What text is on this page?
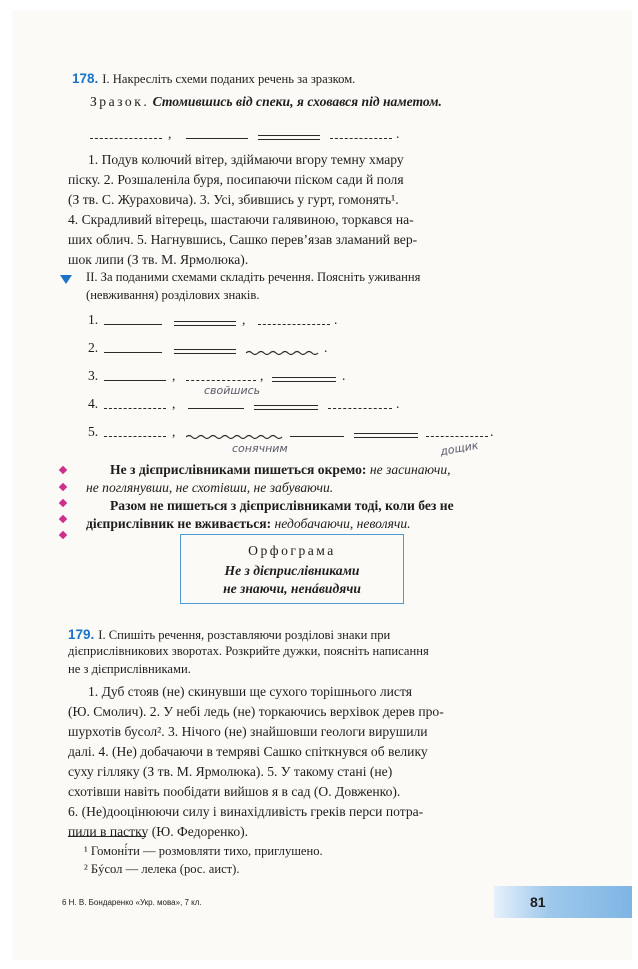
178. І. Накресліть схеми поданих речень за зразком.
Зразок. Стомившись від спеки, я сховався під наметом.
,	.
1. Подув колючий вітер, здіймаючи вгору темну хмару
піску. 2. Розшаленіла буря, посипаючи піском сади й поля
(З тв. С. Жураховича). 3. Усі, збившись у гурт, гомонять¹.
4. Скрадливий вітерець, шастаючи галявиною, торкався на-
ших облич. 5. Нагнувшись, Сашко перев’язав зламаний вер-
шок липи (З тв. М. Ярмолюка).
ІІ. За поданими схемами складіть речення. Поясніть уживання
(невживання) розділових знаків.
1.	,	.
2.	.
3.	,	,	.
свойшись
4.	,	.
5.	,	.
сонячним	дощик
Не з дієприслівниками пишеться окремо: не засинаючи,
не поглянувши, не схотівши, не забуваючи.
Разом не пишеться з дієприслівниками тоді, коли без не
дієприслівник не вживається: недобачаючи, неволячи.
Орфограма
Не з дієприслівниками
не знаючи, ненáвидячи
179. І. Спишіть речення, розставляючи розділові знаки при
дієприслівникових зворотах. Розкрийте дужки, поясніть написання
не з дієприслівниками.
1. Дуб стояв (не) скинувши ще сухого торішнього листя
(Ю. Смолич). 2. У небі ледь (не) торкаючись верхівок дерев про-
шурхотів бусол². 3. Нічого (не) знайшовши геологи вирушили
далі. 4. (Не) добачаючи в темряві Сашко спіткнувся об велику
суху гілляку (З тв. М. Ярмолюка). 5. У такому стані (не)
схотівши навіть пообідати вийшов я в сад (О. Довженко).
6. (Не)дооцінюючи силу і винахідливість греків перси потра-
пили в пастку (Ю. Федоренко).
¹ Гомоні́ти — розмовляти тихо, приглушено.
² Бýсол — лелека (рос. аист).
6 Н. В. Бондаренко «Укр. мова», 7 кл.	81
